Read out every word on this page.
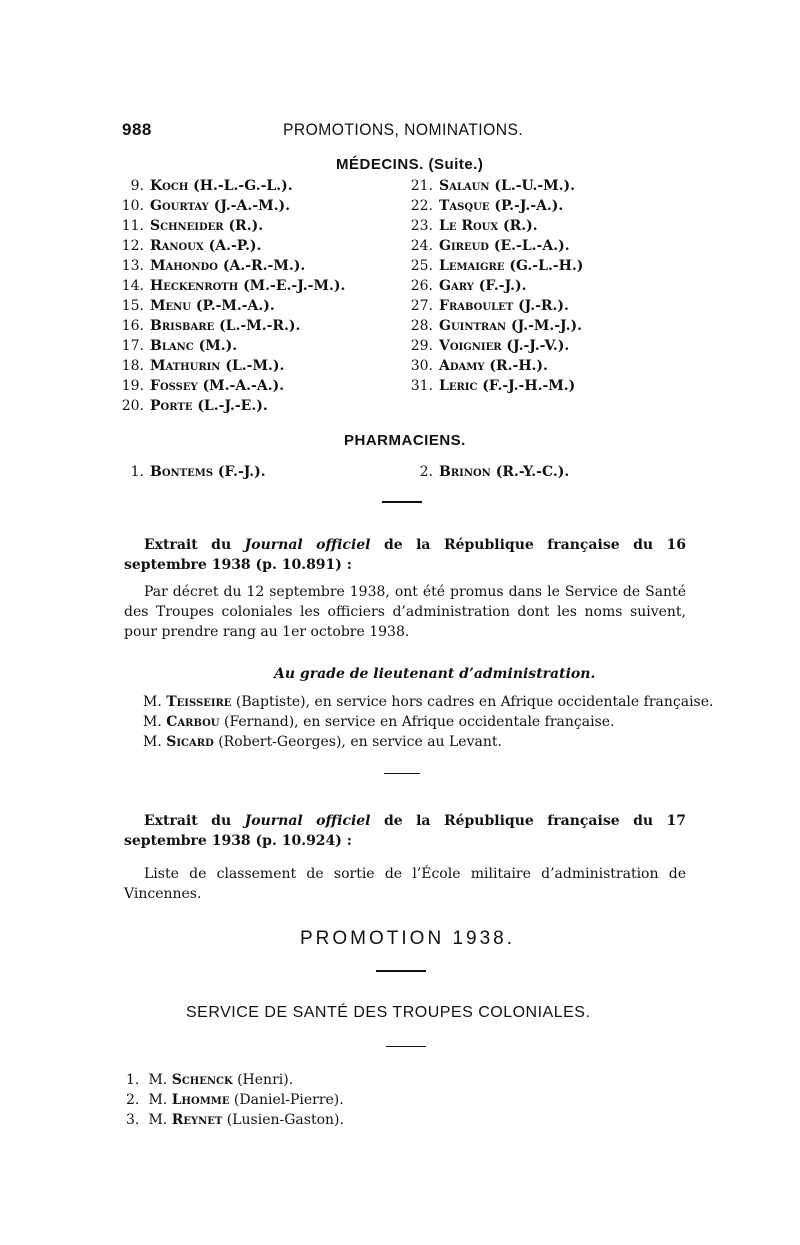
988	PROMOTIONS, NOMINATIONS.
MÉDECINS. (Suite.)
9. Koch (H.-L.-G.-L.).
10. Gourtay (J.-A.-M.).
11. Schneider (R.).
12. Ranoux (A.-P.).
13. Mahondo (A.-R.-M.).
14. Heckenroth (M.-E.-J.-M.).
15. Menu (P.-M.-A.).
16. Brisbare (L.-M.-R.).
17. Blanc (M.).
18. Mathurin (L.-M.).
19. Fossey (M.-A.-A.).
20. Porte (L.-J.-E.).
21. Salaun (L.-U.-M.).
22. Tasque (P.-J.-A.).
23. Le Roux (R.).
24. Gireud (E.-L.-A.).
25. Lemaigre (G.-L.-H.)
26. Gary (F.-J.).
27. Fraboulet (J.-R.).
28. Guintran (J.-M.-J.).
29. Voignier (J.-J.-V.).
30. Adamy (R.-H.).
31. Leric (F.-J.-H.-M.)
PHARMACIENS.
1. Bontems (F.-J.).	2. Brinon (R.-Y.-C.).
Extrait du Journal officiel de la République française du 16 septembre 1938 (p. 10.891) :
Par décret du 12 septembre 1938, ont été promus dans le Service de Santé des Troupes coloniales les officiers d’administration dont les noms suivent, pour prendre rang au 1er octobre 1938.
Au grade de lieutenant d’administration.
M. Teisseire (Baptiste), en service hors cadres en Afrique occidentale française.
M. Carbou (Fernand), en service en Afrique occidentale française.
M. Sicard (Robert-Georges), en service au Levant.
Extrait du Journal officiel de la République française du 17 septembre 1938 (p. 10.924) :
Liste de classement de sortie de l’École militaire d’administration de Vincennes.
PROMOTION 1938.
SERVICE DE SANTÉ DES TROUPES COLONIALES.
1. M. Schenck (Henri).
2. M. Lhomme (Daniel-Pierre).
3. M. Reynet (Lusien-Gaston).
